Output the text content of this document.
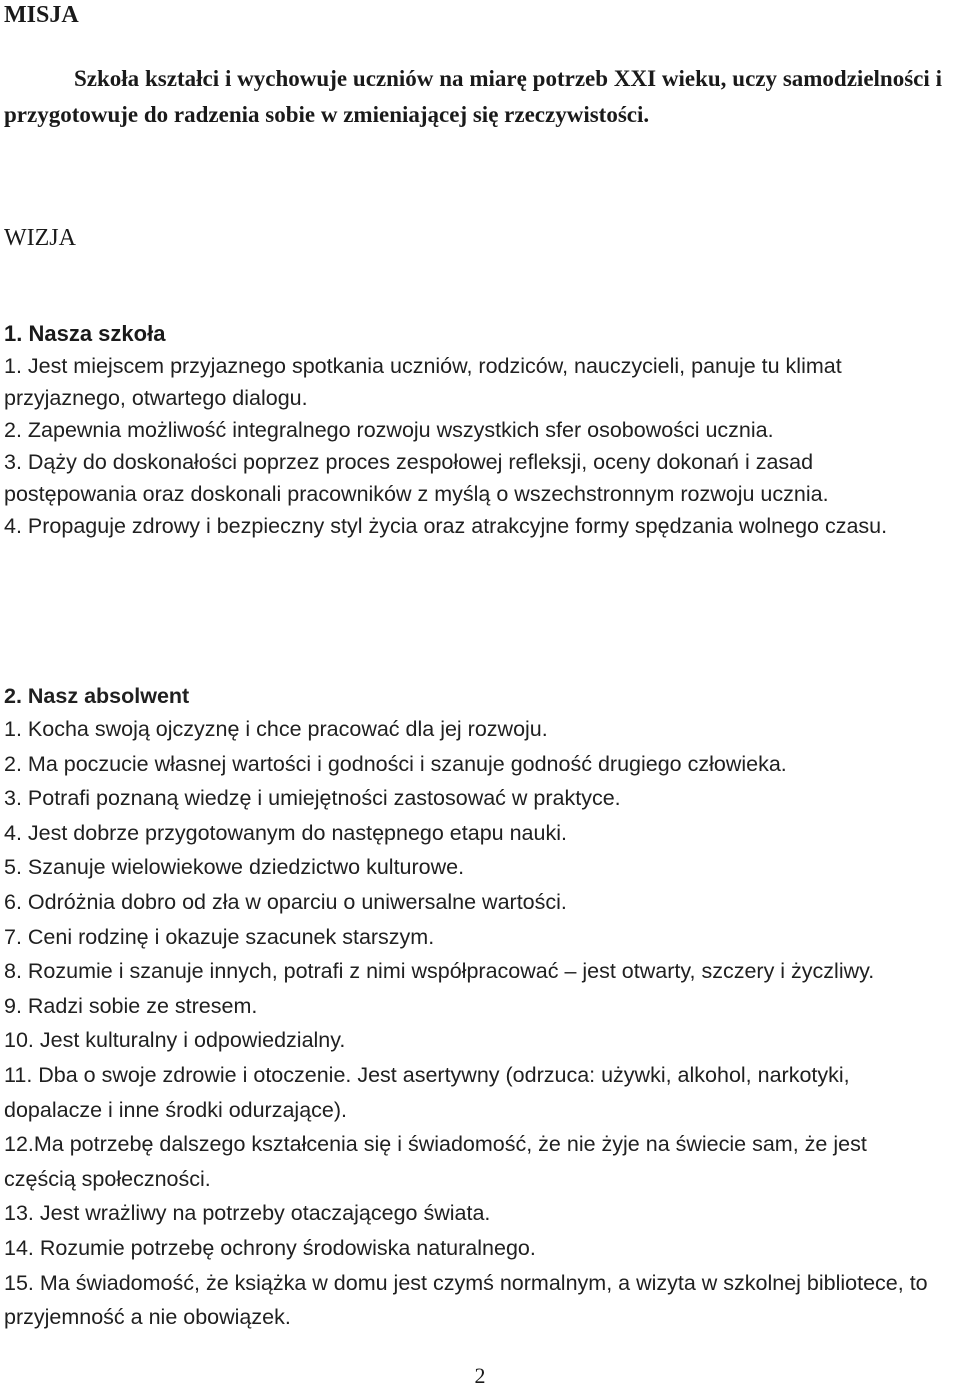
MISJA

Szkoła kształci i wychowuje uczniów na miarę potrzeb XXI wieku, uczy samodzielności i przygotowuje do radzenia sobie w zmieniającej się rzeczywistości.

WIZJA
1. Nasza szkoła
1. Jest miejscem przyjaznego spotkania uczniów, rodziców, nauczycieli, panuje tu klimat przyjaznego, otwartego dialogu.
2. Zapewnia możliwość integralnego rozwoju wszystkich sfer osobowości ucznia.
3. Dąży do doskonałości poprzez proces zespołowej refleksji, oceny dokonań i zasad postępowania oraz doskonali pracowników z myślą o wszechstronnym rozwoju ucznia.
4. Propaguje zdrowy i bezpieczny styl życia oraz atrakcyjne formy spędzania wolnego czasu.
2. Nasz absolwent
1. Kocha swoją ojczyznę i chce pracować dla jej rozwoju.
2. Ma poczucie własnej wartości i godności i szanuje godność drugiego człowieka.
3. Potrafi poznaną wiedzę i umiejętności zastosować w praktyce.
4. Jest dobrze przygotowanym do następnego etapu nauki.
5. Szanuje wielowiekowe dziedzictwo kulturowe.
6. Odróżnia dobro od zła w oparciu o uniwersalne wartości.
7. Ceni rodzinę i okazuje szacunek starszym.
8. Rozumie i szanuje innych, potrafi z nimi współpracować – jest otwarty, szczery i życzliwy.
9. Radzi sobie ze stresem.
10. Jest kulturalny i odpowiedzialny.
11. Dba o swoje zdrowie i otoczenie. Jest asertywny (odrzuca: używki, alkohol, narkotyki, dopalacze i inne środki odurzające).
12.Ma potrzebę dalszego kształcenia się i świadomość, że nie żyje na świecie sam, że jest częścią społeczności.
13. Jest wrażliwy na potrzeby otaczającego świata.
14. Rozumie potrzebę ochrony środowiska naturalnego.
15. Ma świadomość, że książka w domu jest czymś normalnym, a wizyta w szkolnej bibliotece, to przyjemność a nie obowiązek.
2
